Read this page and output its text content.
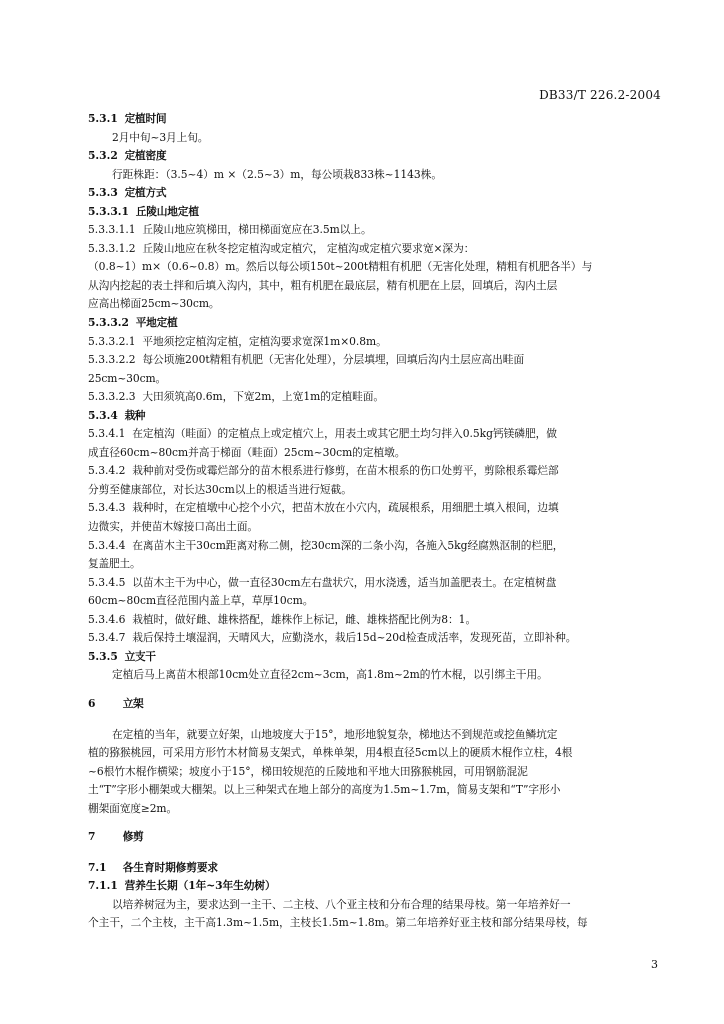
DB33/T 226.2-2004
5.3.1 定植时间
2月中旬~3月上旬。
5.3.2 定植密度
行距株距：（3.5~4）m ×（2.5~3）m，每公顷栽833株~1143株。
5.3.3 定植方式
5.3.3.1 丘陵山地定植
5.3.3.1.1 丘陵山地应筑梯田，梯田梯面宽应在3.5m以上。
5.3.3.1.2 丘陵山地应在秋冬挖定植沟或定植穴， 定植沟或定植穴要求宽×深为：
（0.8~1）m×（0.6~0.8）m。然后以每公顷150t~200t精粗有机肥（无害化处理，精粗有机肥各半）与
从沟内挖起的表土拌和后填入沟内，其中，粗有机肥在最底层，精有机肥在上层，回填后，沟内土层
应高出梯面25cm~30cm。
5.3.3.2 平地定植
5.3.3.2.1 平地须挖定植沟定植，定植沟要求宽深1m×0.8m。
5.3.3.2.2 每公顷施200t精粗有机肥（无害化处理），分层填埋，回填后沟内土层应高出畦面
25cm~30cm。
5.3.3.2.3 大田须筑高0.6m，下宽2m，上宽1m的定植畦面。
5.3.4 栽种
5.3.4.1 在定植沟（畦面）的定植点上或定植穴上，用表土或其它肥土均匀拌入0.5kg钙镁磷肥，做
成直径60cm~80cm并高于梯面（畦面）25cm~30cm的定植墩。
5.3.4.2 栽种前对受伤或霉烂部分的苗木根系进行修剪，在苗木根系的伤口处剪平，剪除根系霉烂部
分剪至健康部位，对长达30cm以上的根适当进行短截。
5.3.4.3 栽种时，在定植墩中心挖个小穴，把苗木放在小穴内，疏展根系，用细肥土填入根间，边填
边微实，并使苗木嫁接口高出土面。
5.3.4.4 在离苗木主干30cm距离对称二侧，挖30cm深的二条小沟，各施入5kg经腐熟沤制的栏肥，
复盖肥土。
5.3.4.5 以苗木主干为中心，做一直径30cm左右盘状穴，用水浇透，适当加盖肥表土。在定植树盘
60cm~80cm直径范围内盖上草，草厚10cm。
5.3.4.6 栽植时，做好雌、雄株搭配，雄株作上标记，雌、雄株搭配比例为8：1。
5.3.4.7 栽后保持土壤湿润，天晴风大，应勤浇水，栽后15d~20d检查成活率，发现死苗，立即补种。
5.3.5 立支干
定植后马上离苗木根部10cm处立直径2cm~3cm，高1.8m~2m的竹木棍，以引绑主干用。
6	立架
在定植的当年，就要立好架，山地坡度大于15°，地形地貌复杂，梯地达不到规范或挖鱼鳞坑定
植的猕猴桃园，可采用方形竹木材简易支架式，单株单架，用4根直径5cm以上的硬质木棍作立柱，4根
~6根竹木棍作横梁；坡度小于15°，梯田较规范的丘陵地和平地大田猕猴桃园，可用钢筋混泥
土“T”字形小棚架或大棚架。以上三种架式在地上部分的高度为1.5m~1.7m，简易支架和“T”字形小
棚架面宽度≥2m。
7	修剪
7.1 各生育时期修剪要求
7.1.1 营养生长期（1年~3年生幼树）
以培养树冠为主，要求达到一主干、二主枝、八个亚主枝和分布合理的结果母枝。第一年培养好一
个主干，二个主枝，主干高1.3m~1.5m，主枝长1.5m~1.8m。第二年培养好亚主枝和部分结果母枝，每
3
